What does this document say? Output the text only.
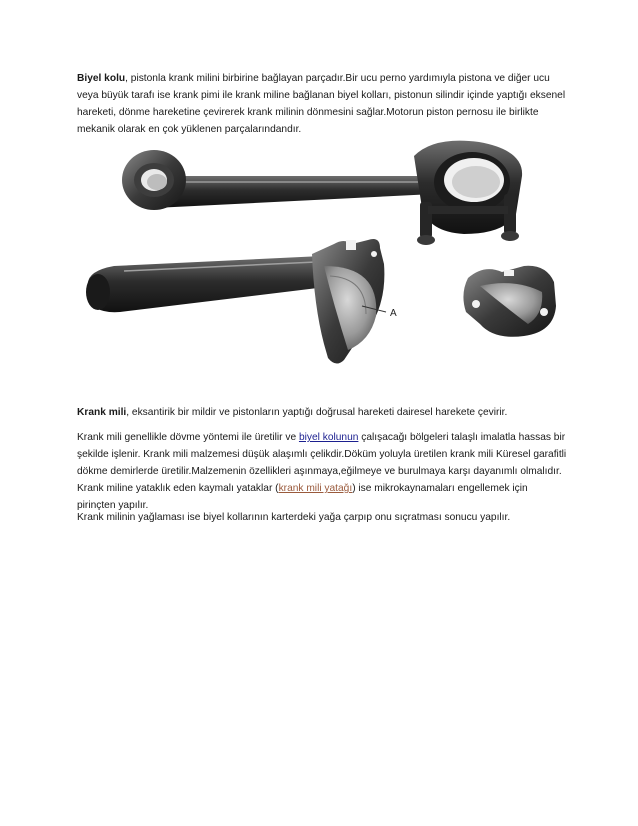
Biyel kolu, pistonla krank milini birbirine bağlayan parçadır.Bir ucu perno yardımıyla pistona ve diğer ucu veya büyük tarafı ise krank pimi ile krank miline bağlanan biyel kolları, pistonun silindir içinde yaptığı eksenel hareketi, dönme hareketine çevirerek krank milinin dönmesini sağlar.Motorun piston pernosu ile birlikte mekanik olarak en çok yüklenen parçalarındandır.

A

Krank mili, eksantirik bir mildir ve pistonların yaptığı doğrusal hareketi dairesel harekete çevirir.

Krank mili genellikle dövme yöntemi ile üretilir ve biyel kolunun çalışacağı bölgeleri talaşlı imalatla hassas bir şekilde işlenir. Krank mili malzemesi düşük alaşımlı çelikdir.Döküm yoluyla üretilen krank mili Küresel garafitli dökme demirlerde üretilir.Malzemenin özellikleri aşınmaya,eğilmeye ve burulmaya karşı dayanımlı olmalıdır. Krank miline yataklık eden kaymalı yataklar (krank mili yatağı) ise mikrokaynamaları engellemek için pirinçten yapılır.

Krank milinin yağlaması ise biyel kollarının karterdeki yağa çarpıp onu sıçratması sonucu yapılır.
